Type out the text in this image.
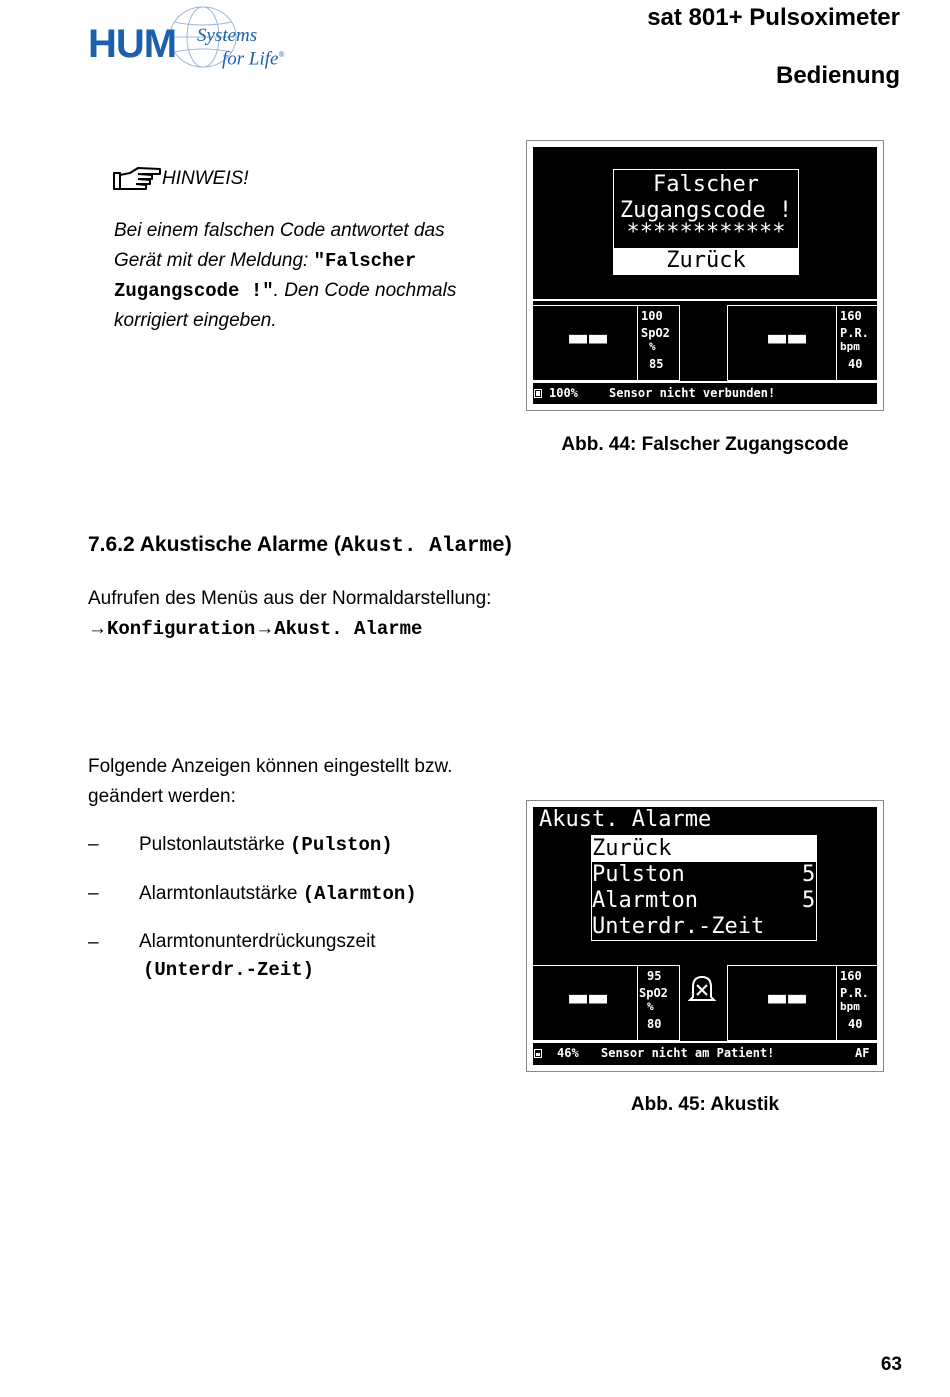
HUM Systems
for Life®
sat 801+ Pulsoximeter
Bedienung
HINWEIS!
Bei einem falschen Code antwortet das Gerät mit der Meldung: "Falscher Zugangscode !". Den Code nochmals korrigiert eingeben.
Falscher
Zugangscode !
************
Zurück
▬▬
100
SpO2
%
85
▬▬
160
P.R.
bpm
40
100%	Sensor nicht verbunden!
Abb. 44: Falscher Zugangscode
7.6.2 Akustische Alarme (Akust. Alarme)
Aufrufen des Menüs aus der Normaldarstellung:
→Konfiguration→Akust. Alarme
Folgende Anzeigen können eingestellt bzw. geändert werden:
– Pulstonlautstärke (Pulston)
– Alarmtonlautstärke (Alarmton)
– Alarmtonunterdrückungszeit
(Unterdr.-Zeit)
Akust. Alarme
Zurück
Pulston	5
Alarmton	5
Unterdr.-Zeit
▬▬
95
SpO2
%
80
▬▬
160
P.R.
bpm
40
46% Sensor nicht am Patient!	AF
Abb. 45: Akustik
63
